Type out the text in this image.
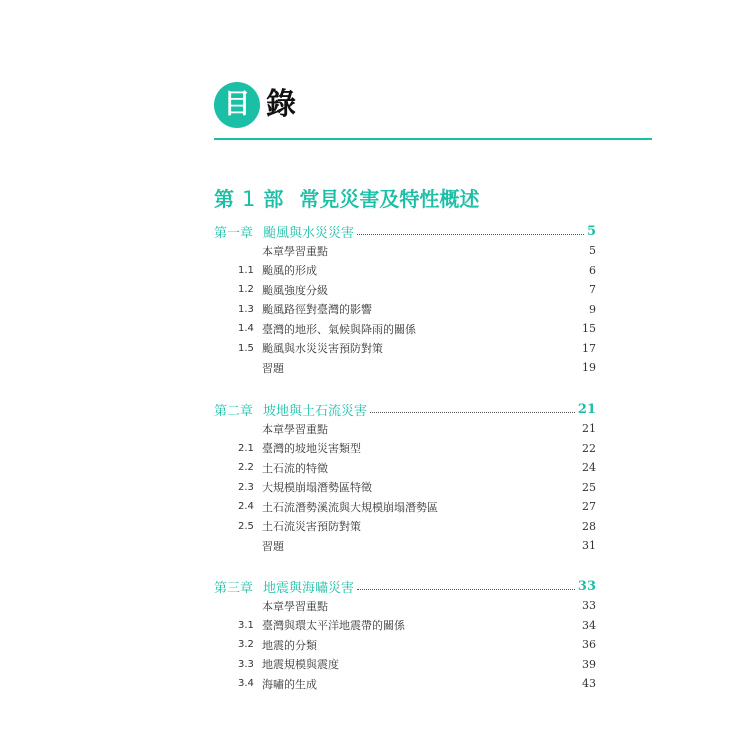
目 錄
第 1 部 常見災害及特性概述
第一章 颱風與水災災害	5
本章學習重點	5
1.1 颱風的形成	6
1.2 颱風強度分級	7
1.3 颱風路徑對臺灣的影響	9
1.4 臺灣的地形、氣候與降雨的關係	15
1.5 颱風與水災災害預防對策	17
習題	19
第二章 坡地與土石流災害	21
本章學習重點	21
2.1 臺灣的坡地災害類型	22
2.2 土石流的特徵	24
2.3 大規模崩塌潛勢區特徵	25
2.4 土石流潛勢溪流與大規模崩塌潛勢區	27
2.5 土石流災害預防對策	28
習題	31
第三章 地震與海嘯災害	33
本章學習重點	33
3.1 臺灣與環太平洋地震帶的關係	34
3.2 地震的分類	36
3.3 地震規模與震度	39
3.4 海嘯的生成	43
